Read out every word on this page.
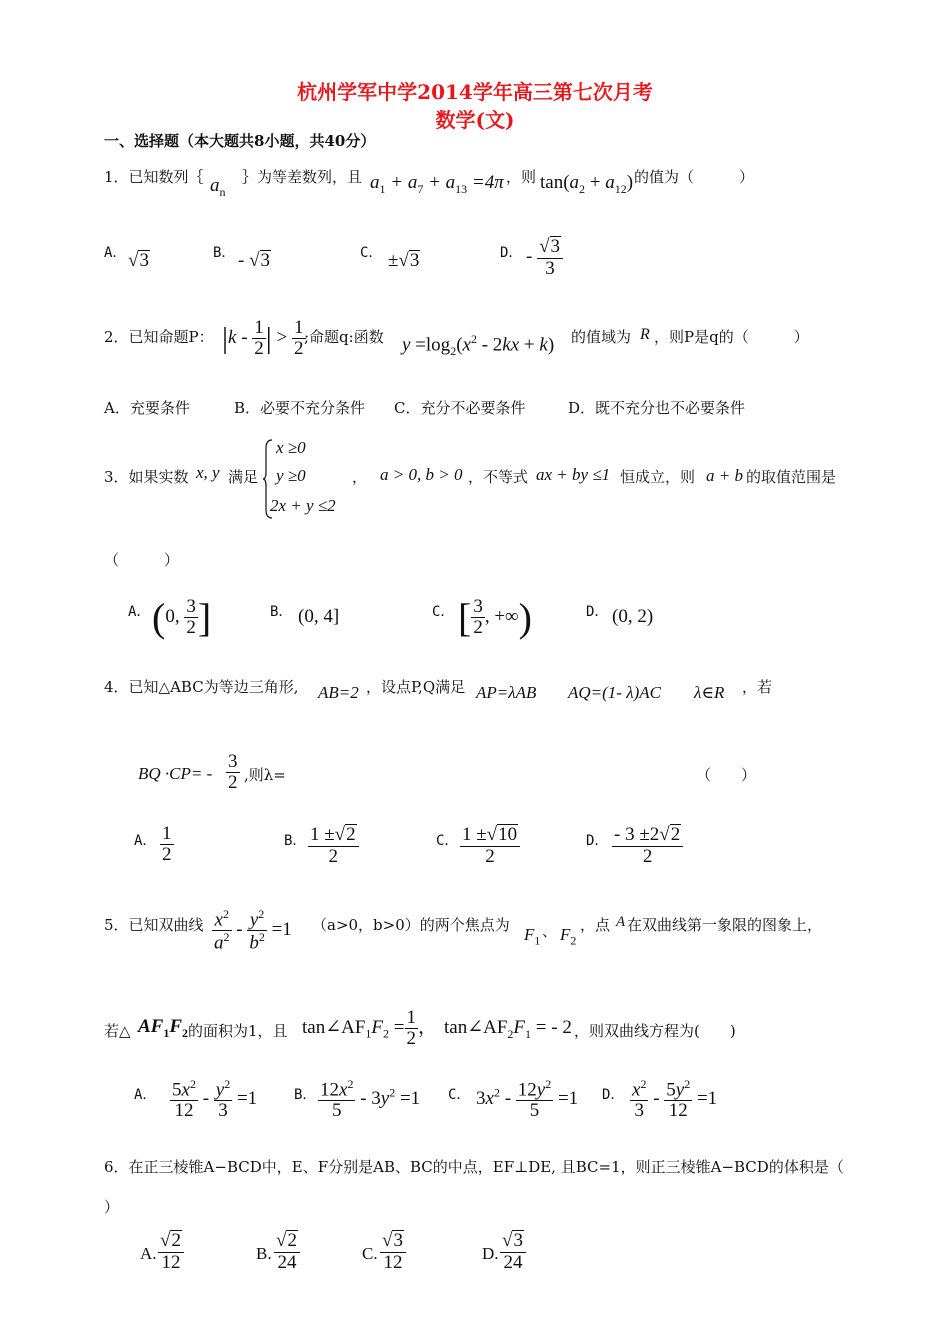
杭州学军中学2014学年高三第七次月考
数学(文)
一、选择题（本大题共8小题，共40分）
1．已知数列｛ $a_n$
｝为等差数列，且 $a_1 + a_7 + a_{13} =4\pi$ ，则 $\tan(a_2 + a_{12})$ 的值为（　　　）
A． √3	B． - √3	C． ±√3	D． - $\frac{√3}{3}$
2．已知命题P： $|k - \frac{1}{2}$ | > $\frac{1}{2}$
;命题q:函数 $y =\log_2(x^2 - 2kx + k)$ 的值域为 R ，则P是q的（　　　）
A．充要条件	B．必要不充分条件 C．充分不必要条件	D．既不充分也不必要条件
3．如果实数 x, y 满足
x ≥0
y ≥0
2x + y ≤2
， a > 0, b > 0 ，不等式 ax + by ≤1 恒成立，则 a + b 的取值范围是
（　　　）
A． (0, $\frac{3}{2}$ ]	B． (0, 4]	C． [ $\frac{3}{2}$ , +∞)	D． (0, 2)
4．已知△ABC为等边三角形, AB=2 ，设点P,Q满足 AP=λAB AQ=(1- λ)AC λ∈R ，若
BQ $\cdot CP= - \frac{3}{2}$ ,则λ=	（　　）
A． $\frac{1}{2}$	B． $\frac{1 \pm√2}{2}$	C． $\frac{1 \pm√10}{2}$	D． $\frac{- 3 \pm 2√2}{2}$
5．已知双曲线 $\frac{x^2}{a^2} - \frac{y^2}{b^2} =1$ （a>0，b>0）的两个焦点为 $F_1$
、 $F_2$
，点 A 在双曲线第一象限的图象上，
若△ $AF_1F_2$ 的面积为1，且 $\tan\angle AF_1F_2 = \frac{1}{2}$ ， $\tan\angle AF_2F_1$ = - 2 ，则双曲线方程为(　　)
A． $\frac{5x^2}{12} - \frac{y^2}{3} =1$	B． $\frac{12x^2}{5} - 3y^2 =1$ C． $3x^2 - \frac{12y^2}{5} =1$ D． $\frac{x^2}{3} - \frac{5y^2}{12} =1$
6．在正三棱锥A−BCD中，E、F分别是AB、BC的中点，EF⊥DE, 且BC=1，则正三棱锥A−BCD的体积是（
）
A. $\frac{√2}{12}$	B. $\frac{√2}{24}$	C. $\frac{√3}{12}$	D. $\frac{√3}{24}$
